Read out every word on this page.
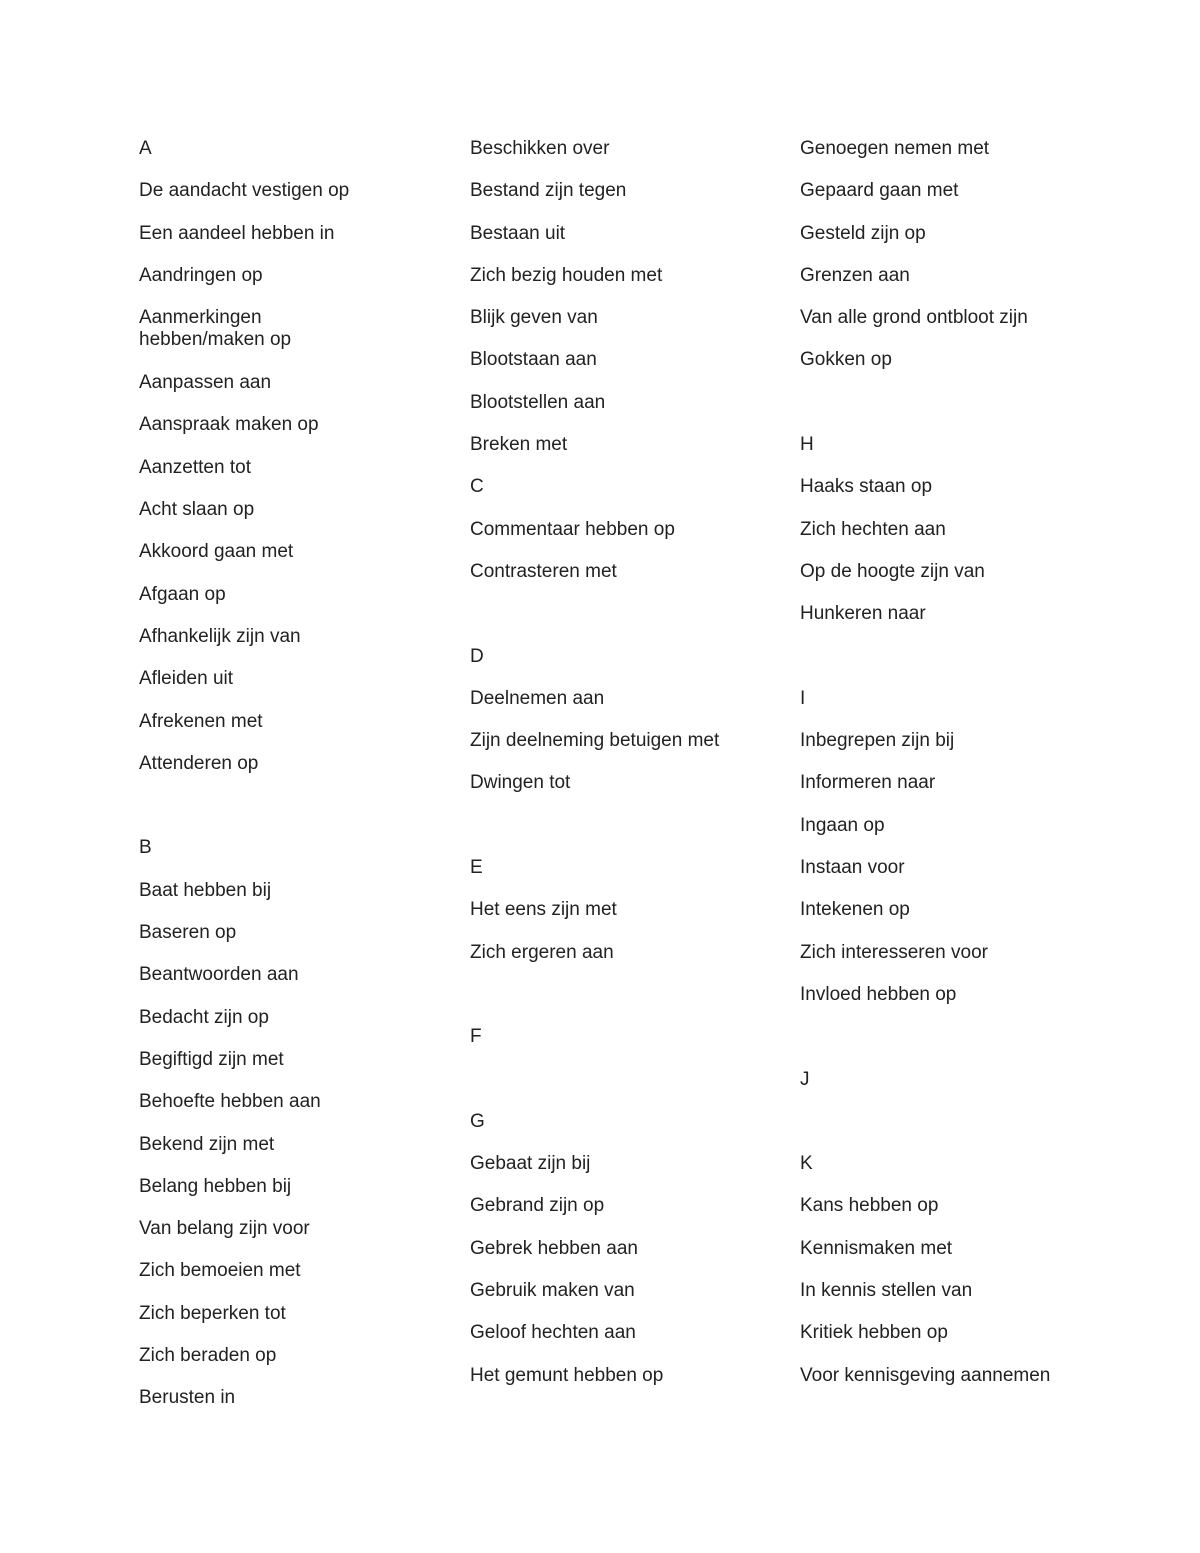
A
De aandacht vestigen op
Een aandeel hebben in
Aandringen op
Aanmerkingen hebben/maken op
Aanpassen aan
Aanspraak maken op
Aanzetten tot
Acht slaan op
Akkoord gaan met
Afgaan op
Afhankelijk zijn van
Afleiden uit
Afrekenen met
Attenderen op
B
Baat hebben bij
Baseren op
Beantwoorden aan
Bedacht zijn op
Begiftigd zijn met
Behoefte hebben aan
Bekend zijn met
Belang hebben bij
Van belang zijn voor
Zich bemoeien met
Zich beperken tot
Zich beraden op
Berusten in
Beschikken over
Bestand zijn tegen
Bestaan uit
Zich bezig houden met
Blijk geven van
Blootstaan aan
Blootstellen aan
Breken met
C
Commentaar hebben op
Contrasteren met
D
Deelnemen aan
Zijn deelneming betuigen met
Dwingen tot
E
Het eens zijn met
Zich ergeren aan
F
G
Gebaat zijn bij
Gebrand zijn op
Gebrek hebben aan
Gebruik maken van
Geloof hechten aan
Het gemunt hebben op
Genoegen nemen met
Gepaard gaan met
Gesteld zijn op
Grenzen aan
Van alle grond ontbloot zijn
Gokken op
H
Haaks staan op
Zich hechten aan
Op de hoogte zijn van
Hunkeren naar
I
Inbegrepen zijn bij
Informeren naar
Ingaan op
Instaan voor
Intekenen op
Zich interesseren voor
Invloed hebben op
J
K
Kans hebben op
Kennismaken met
In kennis stellen van
Kritiek hebben op
Voor kennisgeving aannemen
